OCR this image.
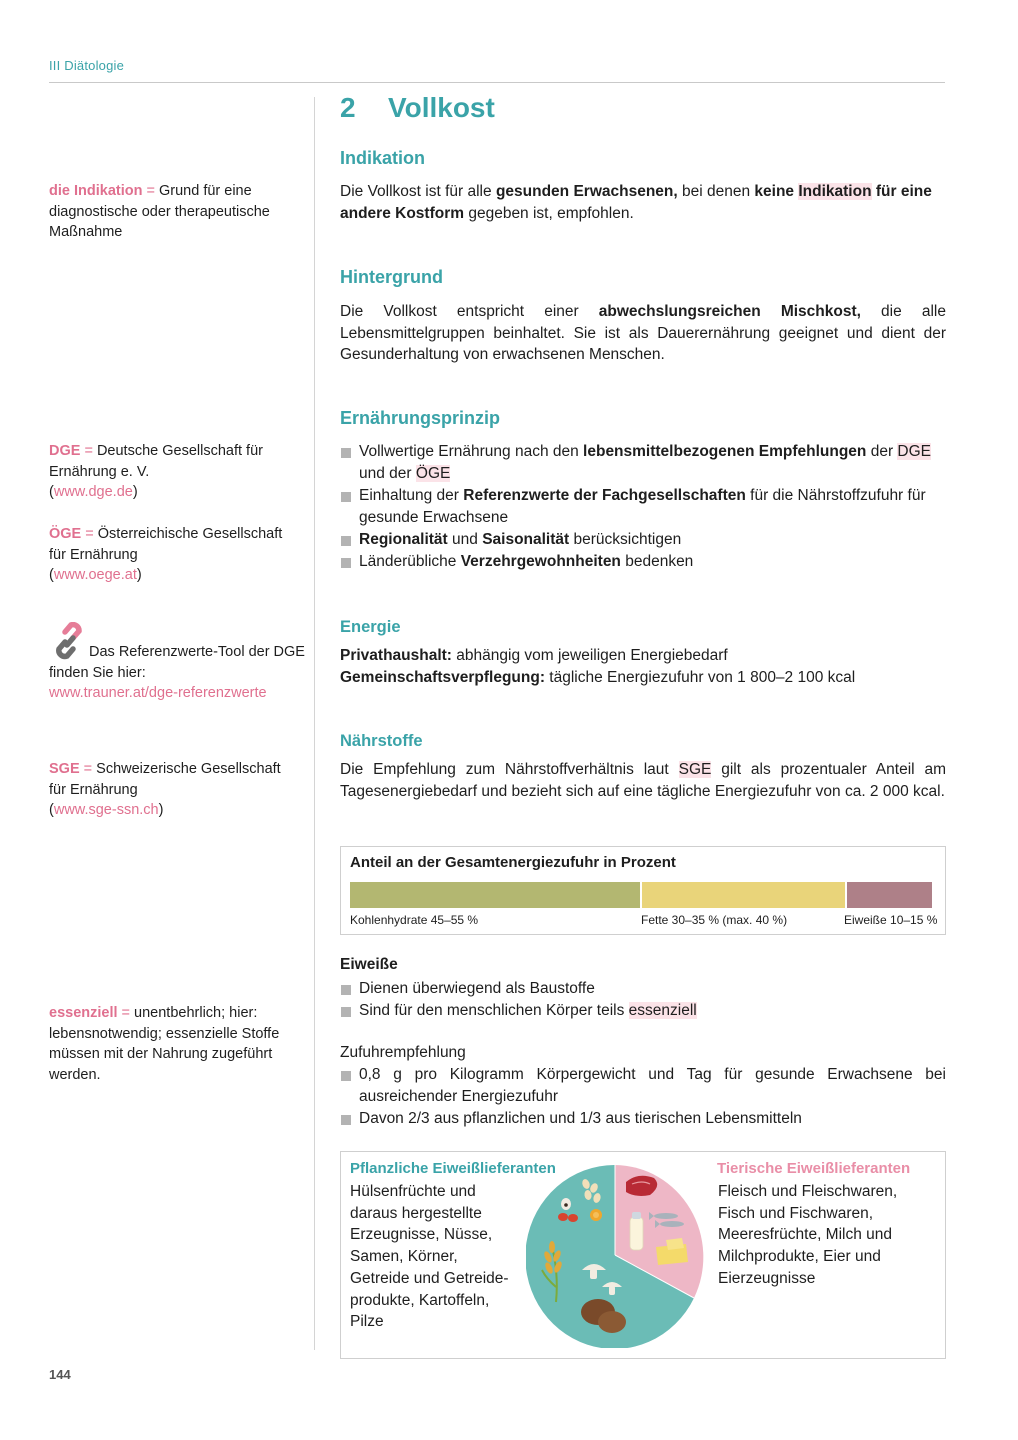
III Diätologie
2 Vollkost
Indikation

Die Vollkost ist für alle gesunden Erwachsenen, bei denen keine Indikation für eine andere Kostform gegeben ist, empfohlen.

Hintergrund

Die Vollkost entspricht einer abwechslungsreichen Mischkost, die alle Lebensmittelgruppen beinhaltet. Sie ist als Dauerernährung geeignet und dient der Gesunderhaltung von erwachsenen Menschen.

Ernährungsprinzip
Vollwertige Ernährung nach den lebensmittelbezogenen Empfehlungen der DGE und der ÖGE
Einhaltung der Referenzwerte der Fachgesellschaften für die Nährstoffzufuhr für gesunde Erwachsene
Regionalität und Saisonalität berücksichtigen
Länderübliche Verzehrgewohnheiten bedenken
Energie

Privathaushalt: abhängig vom jeweiligen Energiebedarf
Gemeinschaftsverpflegung: tägliche Energiezufuhr von 1 800–2 100 kcal

Nährstoffe

Die Empfehlung zum Nährstoffverhältnis laut SGE gilt als prozentualer Anteil am Tagesenergiebedarf und bezieht sich auf eine tägliche Energiezufuhr von ca. 2 000 kcal.

Anteil an der Gesamtenergiezufuhr in Prozent
Kohlenhydrate 45–55 %	Fette 30–35 % (max. 40 %)	Eiweiße 10–15 %
Eiweiße
Dienen überwiegend als Baustoffe
Sind für den menschlichen Körper teils essenziell

Zufuhrempfehlung

0,8 g pro Kilogramm Körpergewicht und Tag für gesunde Erwachsene bei ausreichender Energiezufuhr
Davon 2/3 aus pflanzlichen und 1/3 aus tierischen Lebensmitteln
Pflanzliche Eiweißlieferanten
Hülsenfrüchte und
daraus hergestellte
Erzeugnisse, Nüsse,
Samen, Körner,
Getreide und Getreide-
produkte, Kartoffeln,
Pilze
Tierische Eiweißlieferanten
Fleisch und Fleischwaren,
Fisch und Fischwaren,
Meeresfrüchte, Milch und
Milchprodukte, Eier und
Eierzeugnisse
die Indikation = Grund für eine diagnostische oder therapeutische Maßnahme
DGE = Deutsche Gesellschaft für Ernährung e. V.
(www.dge.de)
ÖGE = Österreichische Gesellschaft für Ernährung
(www.oege.at)
Das Referenzwerte-Tool der DGE finden Sie hier:
www.trauner.at/dge-referenzwerte
SGE = Schweizerische Gesellschaft für Ernährung
(www.sge-ssn.ch)
essenziell = unentbehrlich; hier: lebensnotwendig; essenzielle Stoffe müssen mit der Nahrung zugeführt werden.
144
